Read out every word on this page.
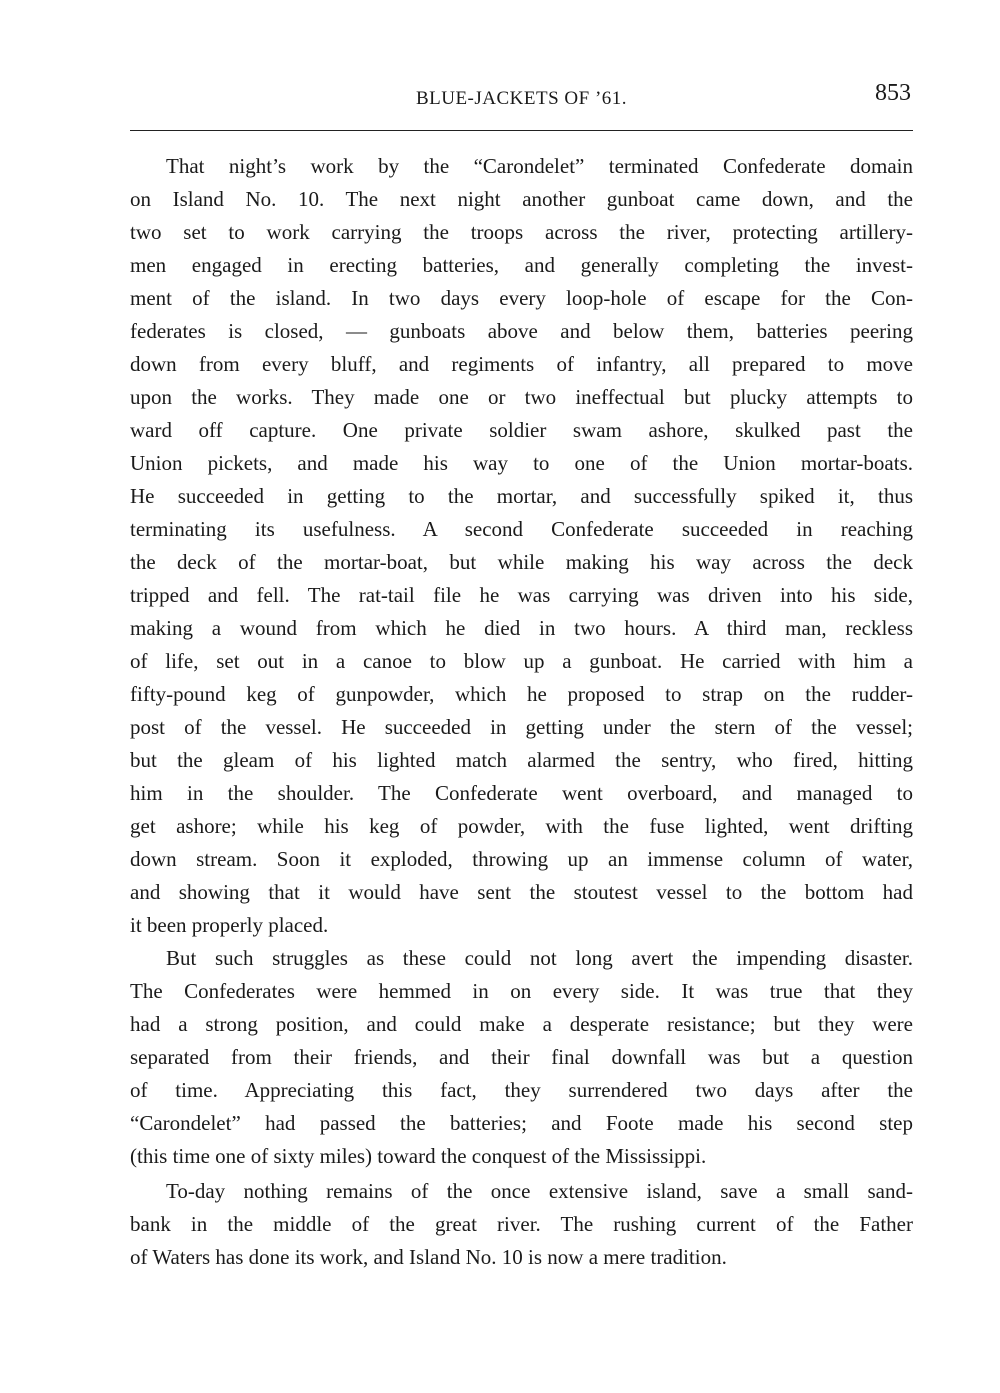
BLUE-JACKETS OF ’61.	853
That night’s work by the “Carondelet” terminated Confederate domain
on Island No. 10. The next night another gunboat came down, and the
two set to work carrying the troops across the river, protecting artillery-
men engaged in erecting batteries, and generally completing the invest-
ment of the island. In two days every loop-hole of escape for the Con-
federates is closed, — gunboats above and below them, batteries peering
down from every bluff, and regiments of infantry, all prepared to move
upon the works. They made one or two ineffectual but plucky attempts to
ward off capture. One private soldier swam ashore, skulked past the
Union pickets, and made his way to one of the Union mortar-boats.
He succeeded in getting to the mortar, and successfully spiked it, thus
terminating its usefulness. A second Confederate succeeded in reaching
the deck of the mortar-boat, but while making his way across the deck
tripped and fell. The rat-tail file he was carrying was driven into his side,
making a wound from which he died in two hours. A third man, reckless
of life, set out in a canoe to blow up a gunboat. He carried with him a
fifty-pound keg of gunpowder, which he proposed to strap on the rudder-
post of the vessel. He succeeded in getting under the stern of the vessel;
but the gleam of his lighted match alarmed the sentry, who fired, hitting
him in the shoulder. The Confederate went overboard, and managed to
get ashore; while his keg of powder, with the fuse lighted, went drifting
down stream. Soon it exploded, throwing up an immense column of water,
and showing that it would have sent the stoutest vessel to the bottom had
it been properly placed.
But such struggles as these could not long avert the impending disaster.
The Confederates were hemmed in on every side. It was true that they
had a strong position, and could make a desperate resistance; but they were
separated from their friends, and their final downfall was but a question
of time. Appreciating this fact, they surrendered two days after the
“Carondelet” had passed the batteries; and Foote made his second step
(this time one of sixty miles) toward the conquest of the Mississippi.
To-day nothing remains of the once extensive island, save a small sand-
bank in the middle of the great river. The rushing current of the Father
of Waters has done its work, and Island No. 10 is now a mere tradition.
